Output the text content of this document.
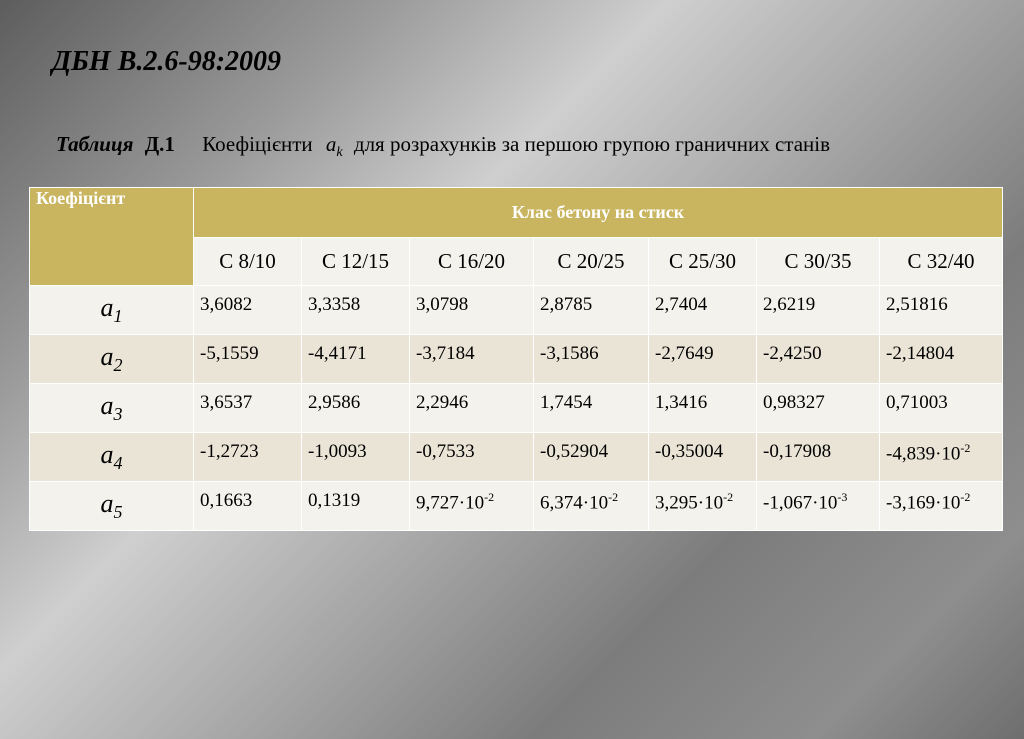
ДБН В.2.6-98:2009
Таблиця Д.1 Коефіцієнти $a_k$ для розрахунків за першою групою граничних станів
Коефіцієнт	Клас бетону на стиск						
	С 8/10	С 12/15	С 16/20	С 20/25	С 25/30	С 30/35	С 32/40
$a_1$	3,6082	3,3358	3,0798	2,8785	2,7404	2,6219	2,51816
$a_2$	-5,1559	-4,4171	-3,7184	-3,1586	-2,7649	-2,4250	-2,14804
$a_3$	3,6537	2,9586	2,2946	1,7454	1,3416	0,98327	0,71003
$a_4$	-1,2723	-1,0093	-0,7533	-0,52904	-0,35004	-0,17908	$-4,839\cdot 10^{-2}$
$a_5$	0,1663	0,1319	$9,727\cdot 10^{-2}$	$6,374\cdot 10^{-2}$	$3,295\cdot 10^{-2}$	$-1,067\cdot 10^{-3}$	$-3,169\cdot 10^{-2}$
